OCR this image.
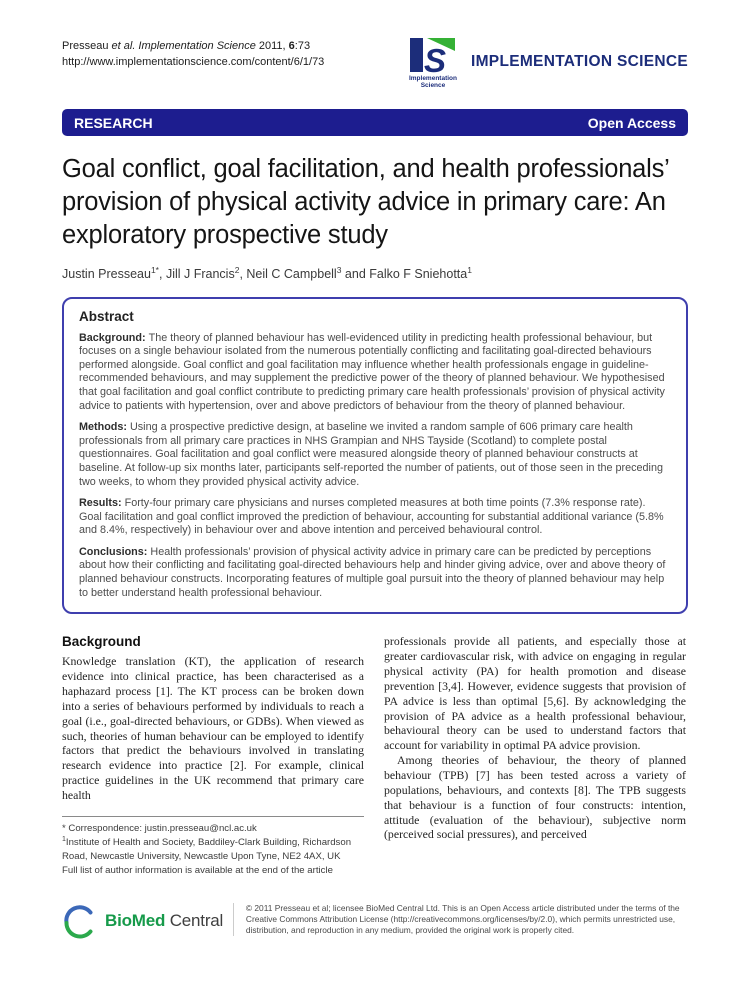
Presseau et al. Implementation Science 2011, 6:73
http://www.implementationscience.com/content/6/1/73	S
Implementation
Science
IMPLEMENTATION SCIENCE
RESEARCH	Open Access
Goal conflict, goal facilitation, and health professionals’ provision of physical activity advice in primary care: An exploratory prospective study
Justin Presseau$^{1*}$, Jill J Francis$^2$, Neil C Campbell$^3$ and Falko F Sniehotta$^1$
Abstract

Background: The theory of planned behaviour has well-evidenced utility in predicting health professional behaviour, but focuses on a single behaviour isolated from the numerous potentially conflicting and facilitating goal-directed behaviours performed alongside. Goal conflict and goal facilitation may influence whether health professionals engage in guideline-recommended behaviours, and may supplement the predictive power of the theory of planned behaviour. We hypothesised that goal facilitation and goal conflict contribute to predicting primary care health professionals’ provision of physical activity advice to patients with hypertension, over and above predictors of behaviour from the theory of planned behaviour.

Methods: Using a prospective predictive design, at baseline we invited a random sample of 606 primary care health professionals from all primary care practices in NHS Grampian and NHS Tayside (Scotland) to complete postal questionnaires. Goal facilitation and goal conflict were measured alongside theory of planned behaviour constructs at baseline. At follow-up six months later, participants self-reported the number of patients, out of those seen in the preceding two weeks, to whom they provided physical activity advice.

Results: Forty-four primary care physicians and nurses completed measures at both time points (7.3% response rate). Goal facilitation and goal conflict improved the prediction of behaviour, accounting for substantial additional variance (5.8% and 8.4%, respectively) in behaviour over and above intention and perceived behavioural control.

Conclusions: Health professionals’ provision of physical activity advice in primary care can be predicted by perceptions about how their conflicting and facilitating goal-directed behaviours help and hinder giving advice, over and above theory of planned behaviour constructs. Incorporating features of multiple goal pursuit into the theory of planned behaviour may help to better understand health professional behaviour.

Background

Knowledge translation (KT), the application of research evidence into clinical practice, has been characterised as a haphazard process [1]. The KT process can be broken down into a series of behaviours performed by individuals to reach a goal (i.e., goal-directed behaviours, or GDBs). When viewed as such, theories of human behaviour can be employed to identify factors that predict the behaviours involved in translating research evidence into practice [2]. For example, clinical practice guidelines in the UK recommend that primary care health

* Correspondence: justin.presseau@ncl.ac.uk
$^1$Institute of Health and Society, Baddiley-Clark Building, Richardson Road, Newcastle University, Newcastle Upon Tyne, NE2 4AX, UK
Full list of author information is available at the end of the article

professionals provide all patients, and especially those at greater cardiovascular risk, with advice on engaging in regular physical activity (PA) for health promotion and disease prevention [3,4]. However, evidence suggests that provision of PA advice is less than optimal [5,6]. By acknowledging the provision of PA advice as a health professional behaviour, behavioural theory can be used to understand factors that account for variability in optimal PA advice provision.

Among theories of behaviour, the theory of planned behaviour (TPB) [7] has been tested across a variety of populations, behaviours, and contexts [8]. The TPB suggests that behaviour is a function of four constructs: intention, attitude (evaluation of the behaviour), subjective norm (perceived social pressures), and perceived

BioMed Central
© 2011 Presseau et al; licensee BioMed Central Ltd. This is an Open Access article distributed under the terms of the Creative Commons Attribution License (http://creativecommons.org/licenses/by/2.0), which permits unrestricted use, distribution, and reproduction in any medium, provided the original work is properly cited.
